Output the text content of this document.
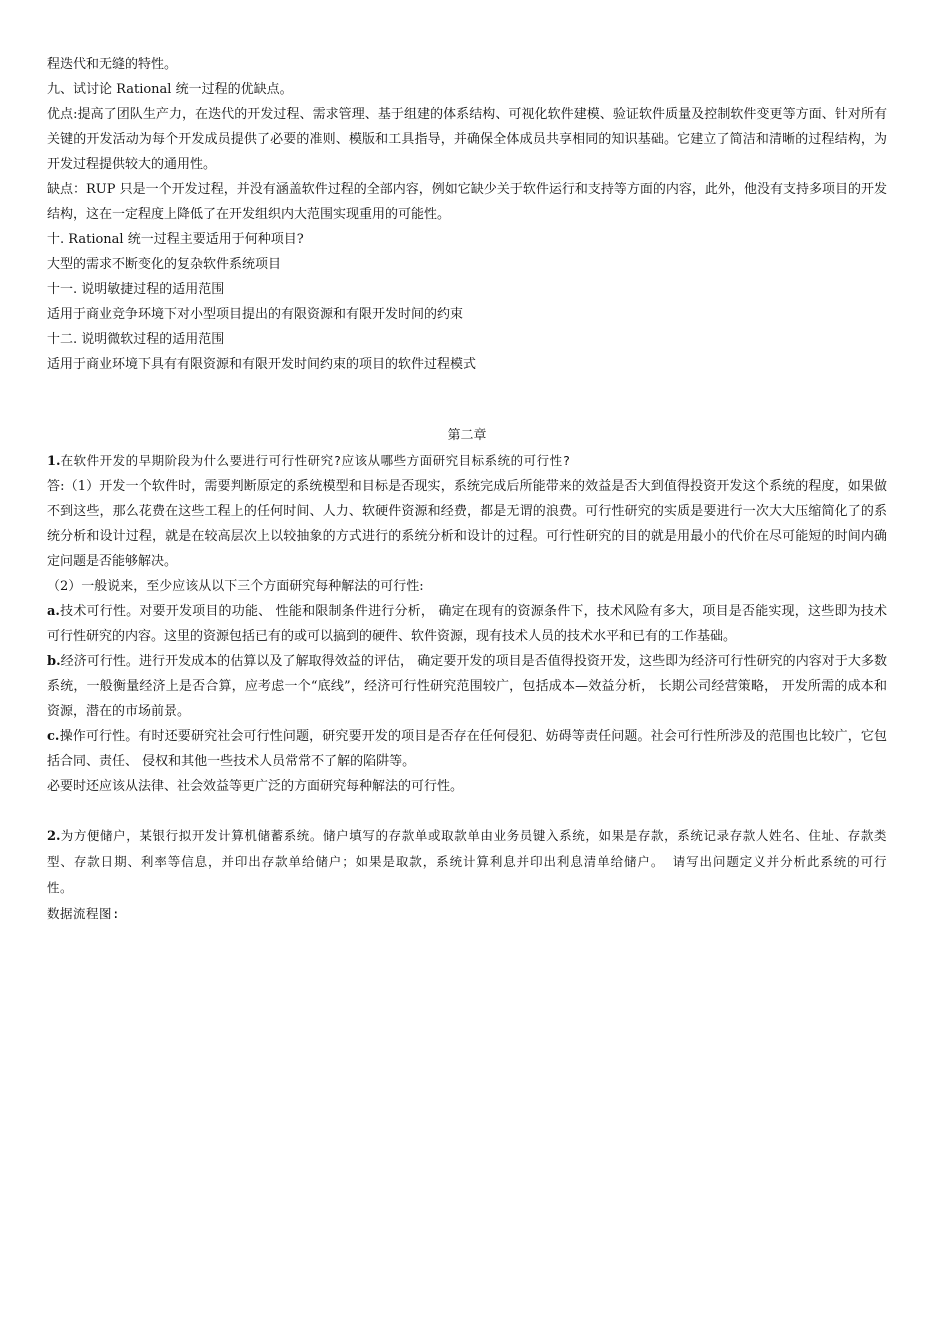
程迭代和无缝的特性。

九、试讨论 Rational 统一过程的优缺点。

优点:提高了团队生产力，在迭代的开发过程、需求管理、基于组建的体系结构、可视化软件建模、验证软件质量及控制软件变更等方面、针对所有关键的开发活动为每个开发成员提供了必要的准则、模版和工具指导，并确保全体成员共享相同的知识基础。它建立了简洁和清晰的过程结构，为开发过程提供较大的通用性。

缺点：RUP 只是一个开发过程，并没有涵盖软件过程的全部内容，例如它缺少关于软件运行和支持等方面的内容，此外，他没有支持多项目的开发结构，这在一定程度上降低了在开发组织内大范围实现重用的可能性。

十. Rational 统一过程主要适用于何种项目?

大型的需求不断变化的复杂软件系统项目

十一. 说明敏捷过程的适用范围

适用于商业竞争环境下对小型项目提出的有限资源和有限开发时间的约束

十二. 说明微软过程的适用范围

适用于商业环境下具有有限资源和有限开发时间约束的项目的软件过程模式

第二章

1.在软件开发的早期阶段为什么要进行可行性研究?应该从哪些方面研究目标系统的可行性?

答:（1）开发一个软件时，需要判断原定的系统模型和目标是否现实，系统完成后所能带来的效益是否大到值得投资开发这个系统的程度，如果做不到这些，那么花费在这些工程上的任何时间、人力、软硬件资源和经费，都是无谓的浪费。可行性研究的实质是要进行一次大大压缩简化了的系统分析和设计过程，就是在较高层次上以较抽象的方式进行的系统分析和设计的过程。可行性研究的目的就是用最小的代价在尽可能短的时间内确定问题是否能够解决。

（2）一般说来，至少应该从以下三个方面研究每种解法的可行性:

a.技术可行性。对要开发项目的功能、 性能和限制条件进行分析， 确定在现有的资源条件下，技术风险有多大，项目是否能实现，这些即为技术可行性研究的内容。这里的资源包括已有的或可以搞到的硬件、软件资源，现有技术人员的技术水平和已有的工作基础。

b.经济可行性。进行开发成本的估算以及了解取得效益的评估， 确定要开发的项目是否值得投资开发，这些即为经济可行性研究的内容对于大多数系统，一般衡量经济上是否合算，应考虑一个“底线”，经济可行性研究范围较广，包括成本—效益分析， 长期公司经营策略， 开发所需的成本和资源，潜在的市场前景。

c.操作可行性。有时还要研究社会可行性问题，研究要开发的项目是否存在任何侵犯、妨碍等责任问题。社会可行性所涉及的范围也比较广，它包括合同、责任、 侵权和其他一些技术人员常常不了解的陷阱等。

必要时还应该从法律、社会效益等更广泛的方面研究每种解法的可行性。

2.为方便储户，某银行拟开发计算机储蓄系统。储户填写的存款单或取款单由业务员键入系统，如果是存款，系统记录存款人姓名、住址、存款类型、存款日期、利率等信息，并印出存款单给储户；如果是取款，系统计算利息并印出利息清单给储户。 请写出问题定义并分析此系统的可行性。

数据流程图:
